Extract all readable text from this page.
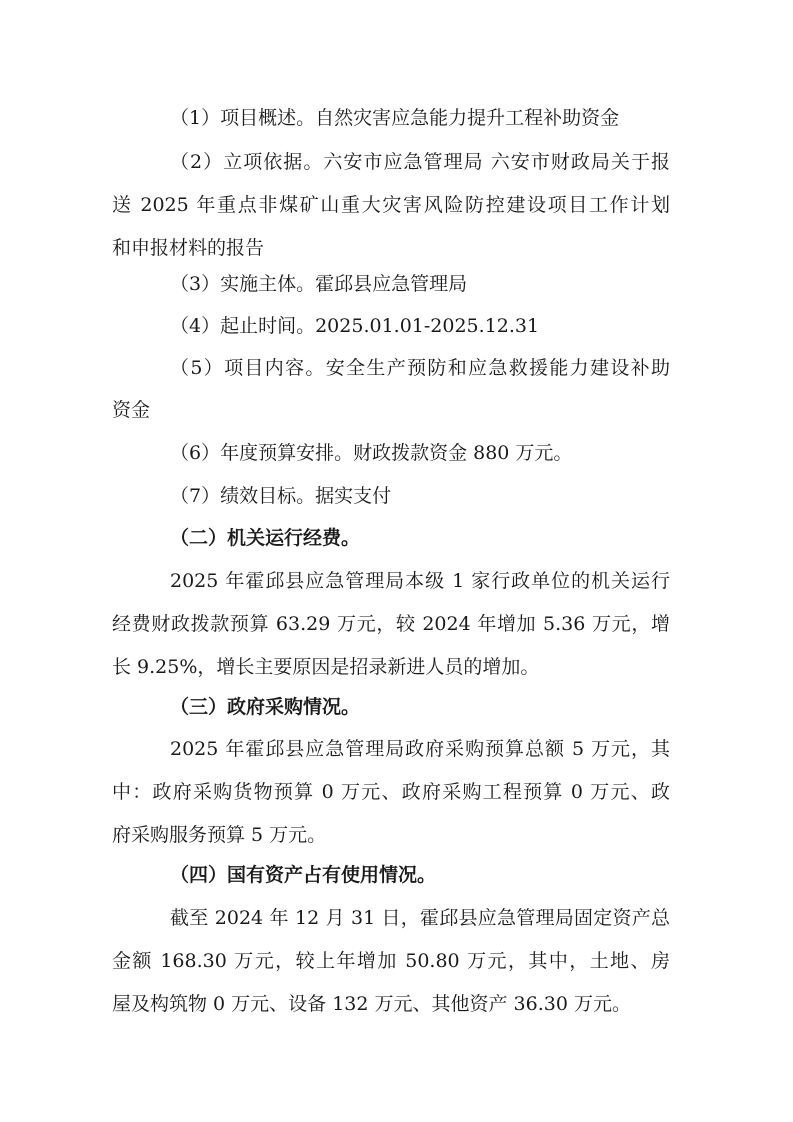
（1）项目概述。自然灾害应急能力提升工程补助资金
（2）立项依据。六安市应急管理局 六安市财政局关于报
送 2025 年重点非煤矿山重大灾害风险防控建设项目工作计划
和申报材料的报告
（3）实施主体。霍邱县应急管理局
（4）起止时间。2025.01.01-2025.12.31
（5）项目内容。安全生产预防和应急救援能力建设补助
资金
（6）年度预算安排。财政拨款资金 880 万元。
（7）绩效目标。据实支付
（二）机关运行经费。
2025 年霍邱县应急管理局本级 1 家行政单位的机关运行
经费财政拨款预算 63.29 万元，较 2024 年增加 5.36 万元，增
长 9.25%，增长主要原因是招录新进人员的增加。
（三）政府采购情况。
2025 年霍邱县应急管理局政府采购预算总额 5 万元，其
中：政府采购货物预算 0 万元、政府采购工程预算 0 万元、政
府采购服务预算 5 万元。
（四）国有资产占有使用情况。
截至 2024 年 12 月 31 日，霍邱县应急管理局固定资产总
金额 168.30 万元，较上年增加 50.80 万元，其中，土地、房
屋及构筑物 0 万元、设备 132 万元、其他资产 36.30 万元。
